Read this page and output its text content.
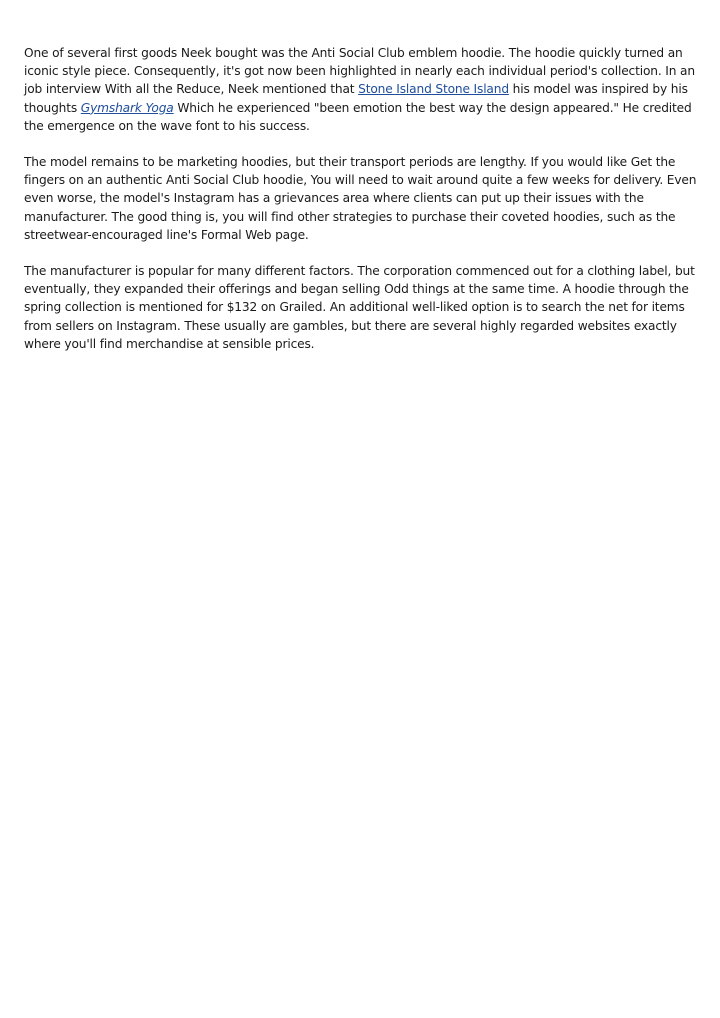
One of several first goods Neek bought was the Anti Social Club emblem hoodie. The hoodie quickly turned an iconic style piece. Consequently, it's got now been highlighted in nearly each individual period's collection. In an job interview With all the Reduce, Neek mentioned that Stone Island Stone Island his model was inspired by his thoughts Gymshark Yoga Which he experienced "been emotion the best way the design appeared." He credited the emergence on the wave font to his success.

The model remains to be marketing hoodies, but their transport periods are lengthy. If you would like Get the fingers on an authentic Anti Social Club hoodie, You will need to wait around quite a few weeks for delivery. Even even worse, the model's Instagram has a grievances area where clients can put up their issues with the manufacturer. The good thing is, you will find other strategies to purchase their coveted hoodies, such as the streetwear-encouraged line's Formal Web page.

The manufacturer is popular for many different factors. The corporation commenced out for a clothing label, but eventually, they expanded their offerings and began selling Odd things at the same time. A hoodie through the spring collection is mentioned for $132 on Grailed. An additional well-liked option is to search the net for items from sellers on Instagram. These usually are gambles, but there are several highly regarded websites exactly where you'll find merchandise at sensible prices.
